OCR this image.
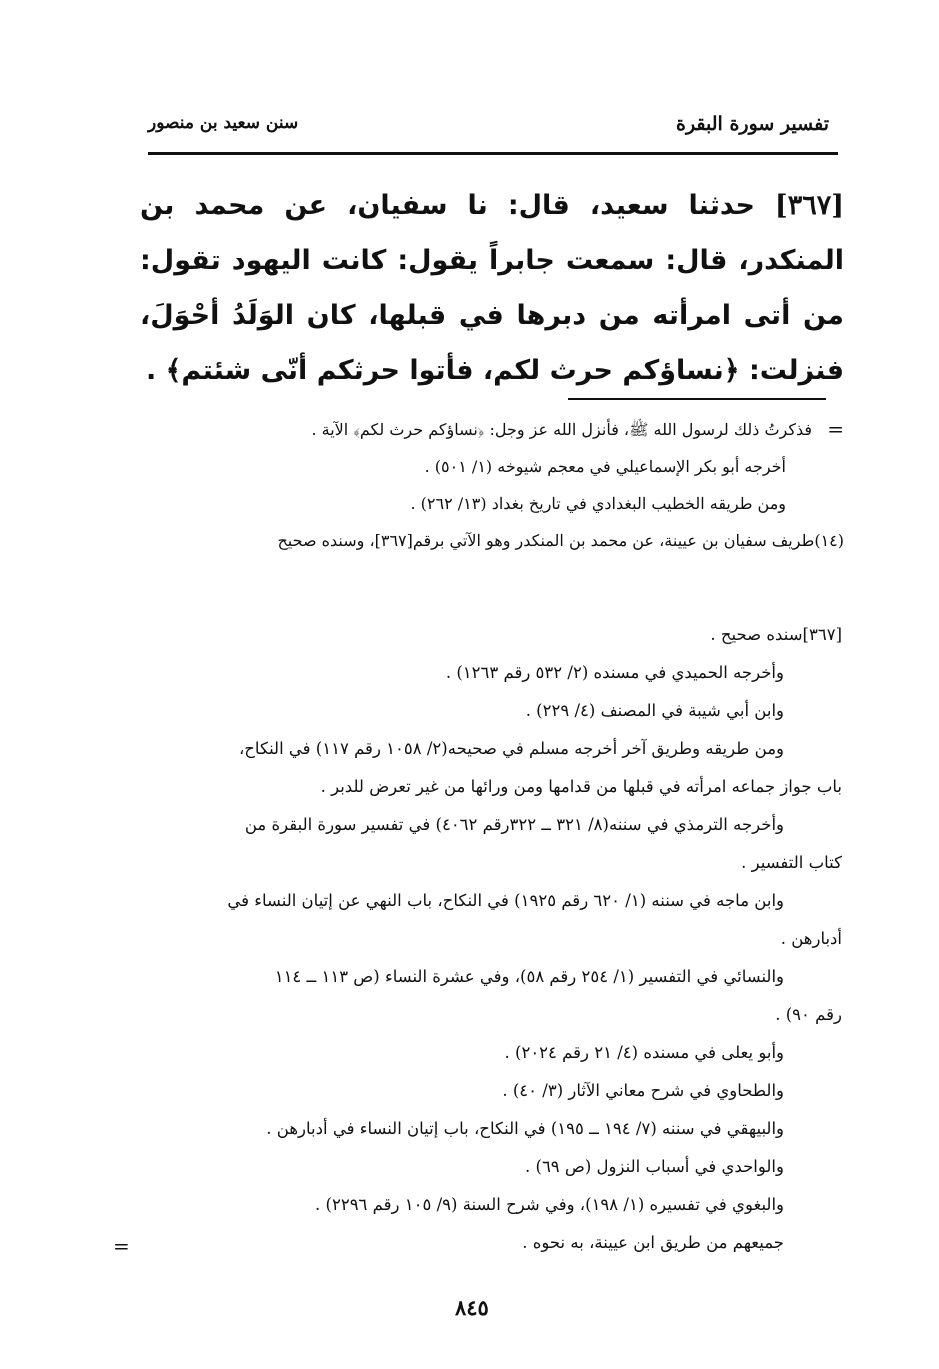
تفسير سورة البقرة
سنن سعيد بن منصور
[٣٦٧] حدثنا سعيد، قال: نا سفيان، عن محمد بن المنكدر، قال: سمعت جابراً يقول: كانت اليهود تقول: من أتى امرأته من دبرها في قبلها، كان الوَلَدُ أحْوَلَ، فنزلت: ﴿نساؤكم حرث لكم، فأتوا حرثكم أنّى شئتم﴾ .
=
فذكرتُ ذلك لرسول الله ﷺ، فأنزل الله عز وجل: ﴿نساؤكم حرث لكم﴾ الآية .
أخرجه أبو بكر الإسماعيلي في معجم شيوخه (١/ ٥٠١) .
ومن طريقه الخطيب البغدادي في تاريخ بغداد (١٣/ ٢٦٢) .
(١٤)طريف سفيان بن عيينة، عن محمد بن المنكدر وهو الآتي برقم[٣٦٧]، وسنده صحيح
[٣٦٧]سنده صحيح .
وأخرجه الحميدي في مسنده (٢/ ٥٣٢ رقم ١٢٦٣) .
وابن أبي شيبة في المصنف (٤/ ٢٢٩) .
ومن طريقه وطريق آخر أخرجه مسلم في صحيحه(٢/ ١٠٥٨ رقم ١١٧) في النكاح،
باب جواز جماعه امرأته في قبلها من قدامها ومن ورائها من غير تعرض للدبر .
وأخرجه الترمذي في سننه(٨/ ٣٢١ ــ ٣٢٢رقم ٤٠٦٢) في تفسير سورة البقرة من
كتاب التفسير .
وابن ماجه في سننه (١/ ٦٢٠ رقم ١٩٢٥) في النكاح، باب النهي عن إتيان النساء في
أدبارهن .
والنسائي في التفسير (١/ ٢٥٤ رقم ٥٨)، وفي عشرة النساء (ص ١١٣ ــ ١١٤
رقم ٩٠) .
وأبو يعلى في مسنده (٤/ ٢١ رقم ٢٠٢٤) .
والطحاوي في شرح معاني الآثار (٣/ ٤٠) .
والبيهقي في سننه (٧/ ١٩٤ ــ ١٩٥) في النكاح، باب إتيان النساء في أدبارهن .
والواحدي في أسباب النزول (ص ٦٩) .
والبغوي في تفسيره (١/ ١٩٨)، وفي شرح السنة (٩/ ١٠٥ رقم ٢٢٩٦) .
جميعهم من طريق ابن عيينة، به نحوه .
=
٨٤٥
